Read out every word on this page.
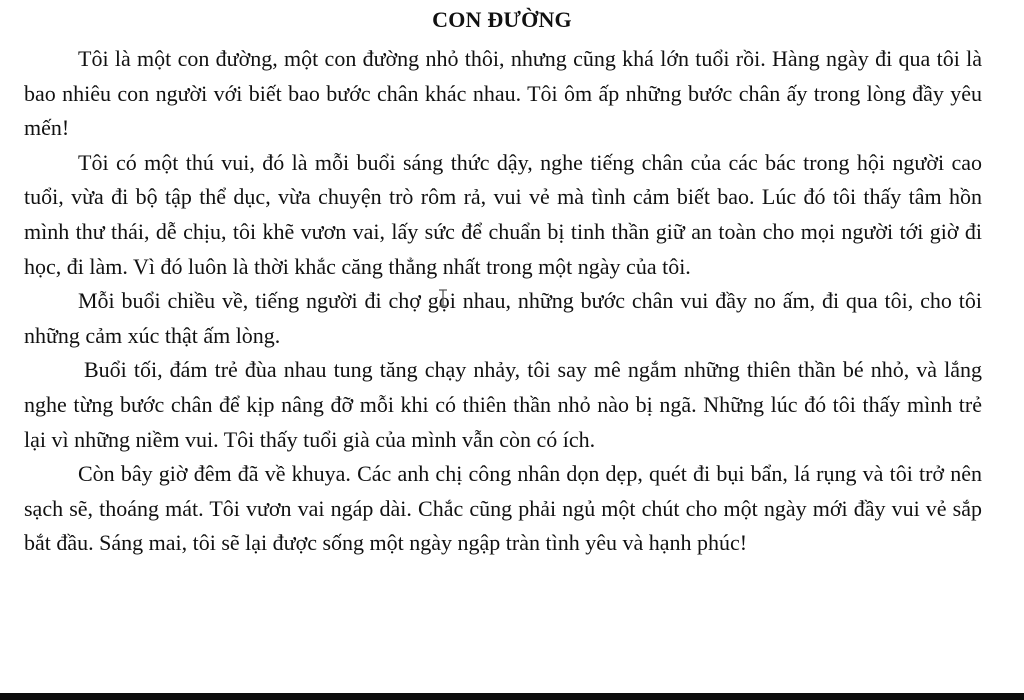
CON ĐƯỜNG

Tôi là một con đường, một con đường nhỏ thôi, nhưng cũng khá lớn tuổi rồi. Hàng ngày đi qua tôi là bao nhiêu con người với biết bao bước chân khác nhau. Tôi ôm ấp những bước chân ấy trong lòng đầy yêu mến!

Tôi có một thú vui, đó là mỗi buổi sáng thức dậy, nghe tiếng chân của các bác trong hội người cao tuổi, vừa đi bộ tập thể dục, vừa chuyện trò rôm rả, vui vẻ mà tình cảm biết bao. Lúc đó tôi thấy tâm hồn mình thư thái, dễ chịu, tôi khẽ vươn vai, lấy sức để chuẩn bị tinh thần giữ an toàn cho mọi người tới giờ đi học, đi làm. Vì đó luôn là thời khắc căng thẳng nhất trong một ngày của tôi.

Mỗi buổi chiều về, tiếng người đi chợ gọi nhau, những bước chân vui đầy no ấm, đi qua tôi, cho tôi những cảm xúc thật ấm lòng.

Buổi tối, đám trẻ đùa nhau tung tăng chạy nhảy, tôi say mê ngắm những thiên thần bé nhỏ, và lắng nghe từng bước chân để kịp nâng đỡ mỗi khi có thiên thần nhỏ nào bị ngã. Những lúc đó tôi thấy mình trẻ lại vì những niềm vui. Tôi thấy tuổi già của mình vẫn còn có ích.

Còn bây giờ đêm đã về khuya. Các anh chị công nhân dọn dẹp, quét đi bụi bẩn, lá rụng và tôi trở nên sạch sẽ, thoáng mát. Tôi vươn vai ngáp dài. Chắc cũng phải ngủ một chút cho một ngày mới đầy vui vẻ sắp bắt đầu. Sáng mai, tôi sẽ lại được sống một ngày ngập tràn tình yêu và hạnh phúc!
